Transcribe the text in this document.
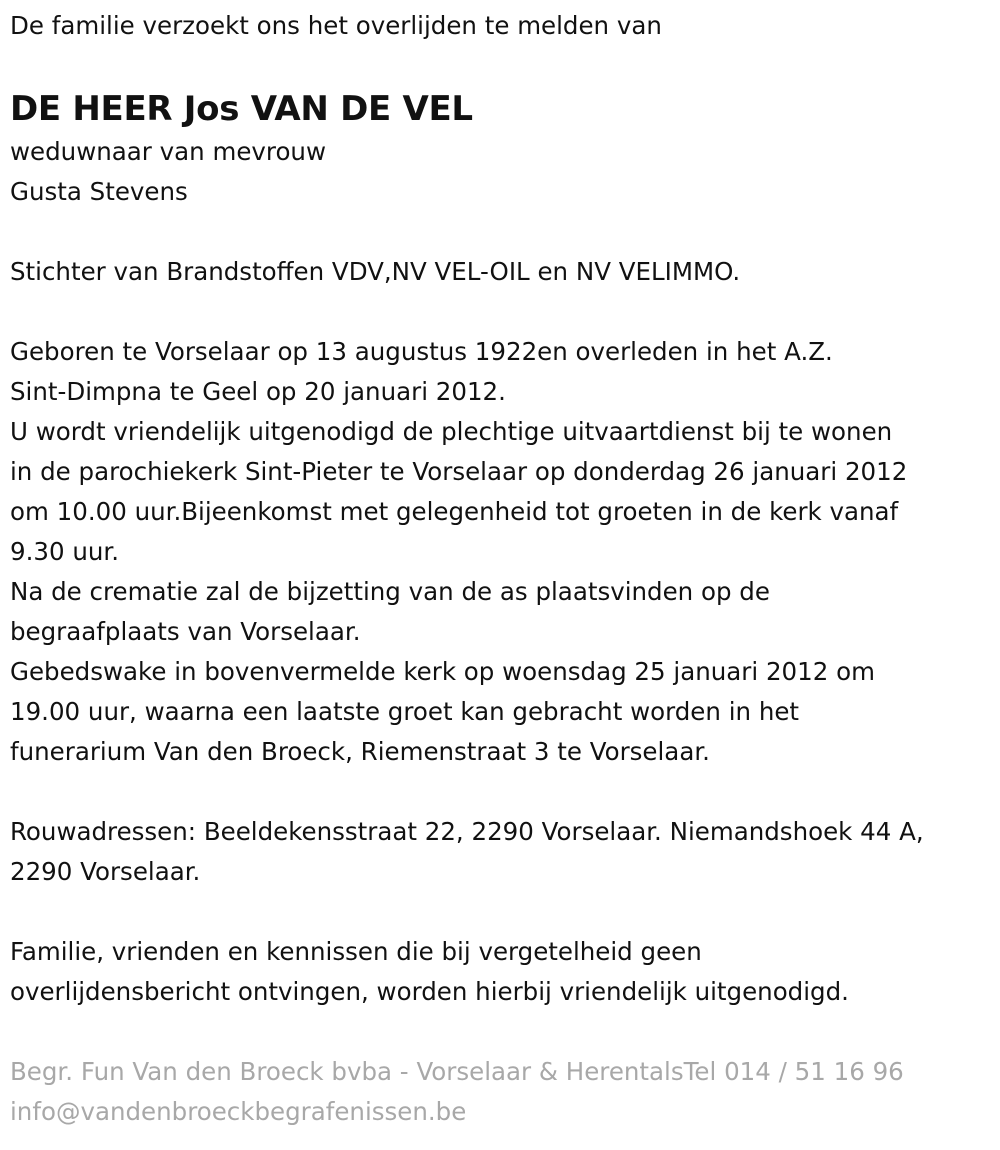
De familie verzoekt ons het overlijden te melden van

DE HEER Jos VAN DE VEL

weduwnaar van mevrouw

Gusta Stevens

Stichter van Brandstoffen VDV,NV VEL-OIL en NV VELIMMO.

Geboren te Vorselaar op 13 augustus 1922en overleden in het A.Z.

Sint-Dimpna te Geel op 20 januari 2012.

U wordt vriendelijk uitgenodigd de plechtige uitvaartdienst bij te wonen

in de parochiekerk Sint-Pieter te Vorselaar op donderdag 26 januari 2012

om 10.00 uur.Bijeenkomst met gelegenheid tot groeten in de kerk vanaf

9.30 uur.

Na de crematie zal de bijzetting van de as plaatsvinden op de

begraafplaats van Vorselaar.

Gebedswake in bovenvermelde kerk op woensdag 25 januari 2012 om

19.00 uur, waarna een laatste groet kan gebracht worden in het

funerarium Van den Broeck, Riemenstraat 3 te Vorselaar.

Rouwadressen: Beeldekensstraat 22, 2290 Vorselaar. Niemandshoek 44 A,

2290 Vorselaar.

Familie, vrienden en kennissen die bij vergetelheid geen

overlijdensbericht ontvingen, worden hierbij vriendelijk uitgenodigd.

Begr. Fun Van den Broeck bvba - Vorselaar & HerentalsTel 014 / 51 16 96

info@vandenbroeckbegrafenissen.be
